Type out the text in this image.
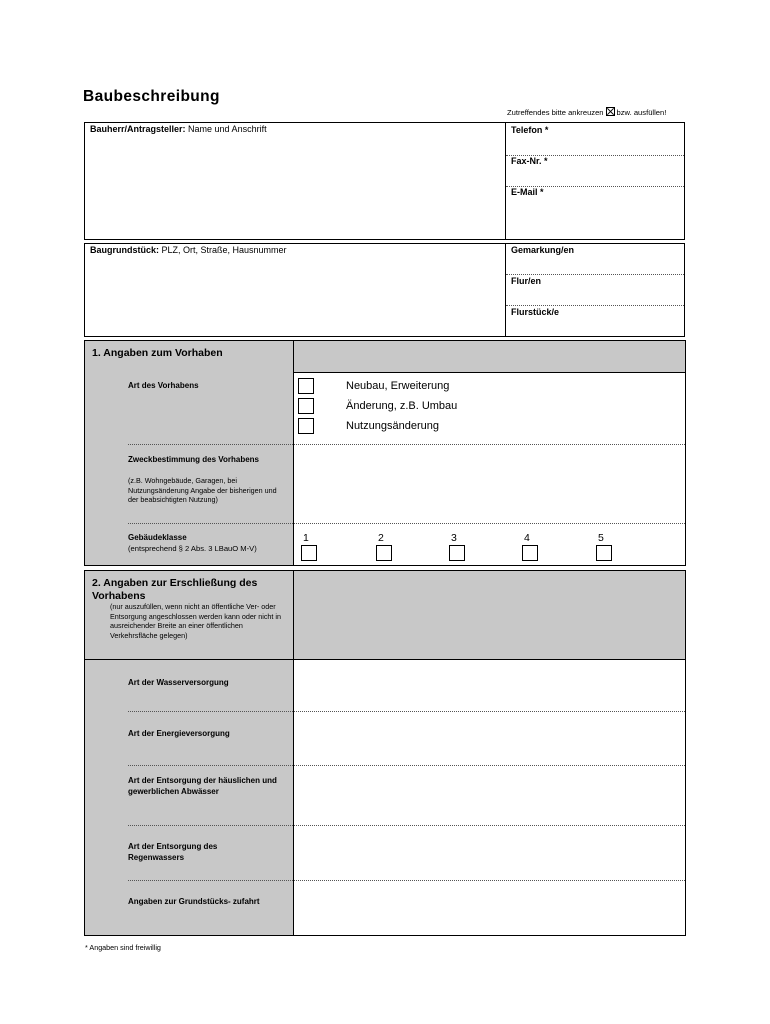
Baubeschreibung
Zutreffendes bitte ankreuzen bzw. ausfüllen!
Bauherr/Antragsteller: Name und Anschrift	Telefon *
Fax-Nr. *
E-Mail *
Baugrundstück: PLZ, Ort, Straße, Hausnummer	Gemarkung/en
Flur/en
Flurstück/e
1. Angaben zum Vorhaben
Art des Vorhabens	Neubau, Erweiterung
Änderung, z.B. Umbau
Nutzungsänderung
Zweckbestimmung des Vorhabens
(z.B. Wohngebäude, Garagen, bei Nutzungsänderung Angabe der bisherigen und der beabsichtigten Nutzung)
Gebäudeklasse
(entsprechend § 2 Abs. 3 LBauO M-V)
1	2	3	4	5
2. Angaben zur Erschließung des Vorhabens
(nur auszufüllen, wenn nicht an öffentliche Ver- oder Entsorgung angeschlossen werden kann oder nicht in ausreichender Breite an einer öffentlichen Verkehrsfläche gelegen)
Art der Wasserversorgung
Art der Energieversorgung
Art der Entsorgung der häuslichen und gewerblichen Abwässer
Art der Entsorgung des Regenwassers
Angaben zur Grundstücks- zufahrt
* Angaben sind freiwillig
